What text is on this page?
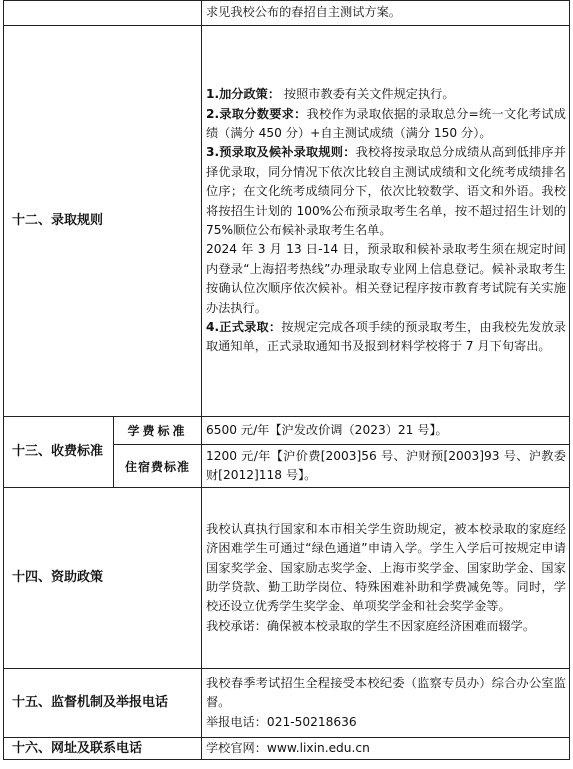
		求见我校公布的春招自主测试方案。
十二、录取规则		1.加分政策： 按照市教委有关文件规定执行。

2.录取分数要求：我校作为录取依据的录取总分=统一文化考试成绩（满分 450 分）+自主测试成绩（满分 150 分）。

3.预录取及候补录取规则：我校将按录取总分成绩从高到低排序并择优录取，同分情况下依次比较自主测试成绩和文化统考成绩排名位序；在文化统考成绩同分下，依次比较数学、语文和外语。我校将按招生计划的 100%公布预录取考生名单，按不超过招生计划的 75%顺位公布候补录取考生名单。

2024 年 3 月 13 日-14 日，预录取和候补录取考生须在规定时间内登录“上海招考热线”办理录取专业网上信息登记。候补录取考生按确认位次顺序依次候补。相关登记程序按市教育考试院有关实施办法执行。

4.正式录取：按规定完成各项手续的预录取考生，由我校先发放录取通知单，正式录取通知书及报到材料学校将于 7 月下旬寄出。

十三、收费标准	学费标准	6500 元/年【沪发改价调（2023）21 号】。
	住宿费标准	1200 元/年【沪价费[2003]56 号、沪财预[2003]93 号、沪教委财[2012]118 号】。
十四、资助政策		我校认真执行国家和本市相关学生资助规定，被本校录取的家庭经济困难学生可通过“绿色通道”申请入学。学生入学后可按规定申请国家奖学金、国家励志奖学金、上海市奖学金、国家助学金、国家助学贷款、勤工助学岗位、特殊困难补助和学费减免等。同时，学校还设立优秀学生奖学金、单项奖学金和社会奖学金等。

我校承诺：确保被本校录取的学生不因家庭经济困难而辍学。

十五、监督机制及举报电话		我校春季考试招生全程接受本校纪委（监察专员办）综合办公室监督。

举报电话：021-50218636

十六、网址及联系电话		学校官网：www.lixin.edu.cn
